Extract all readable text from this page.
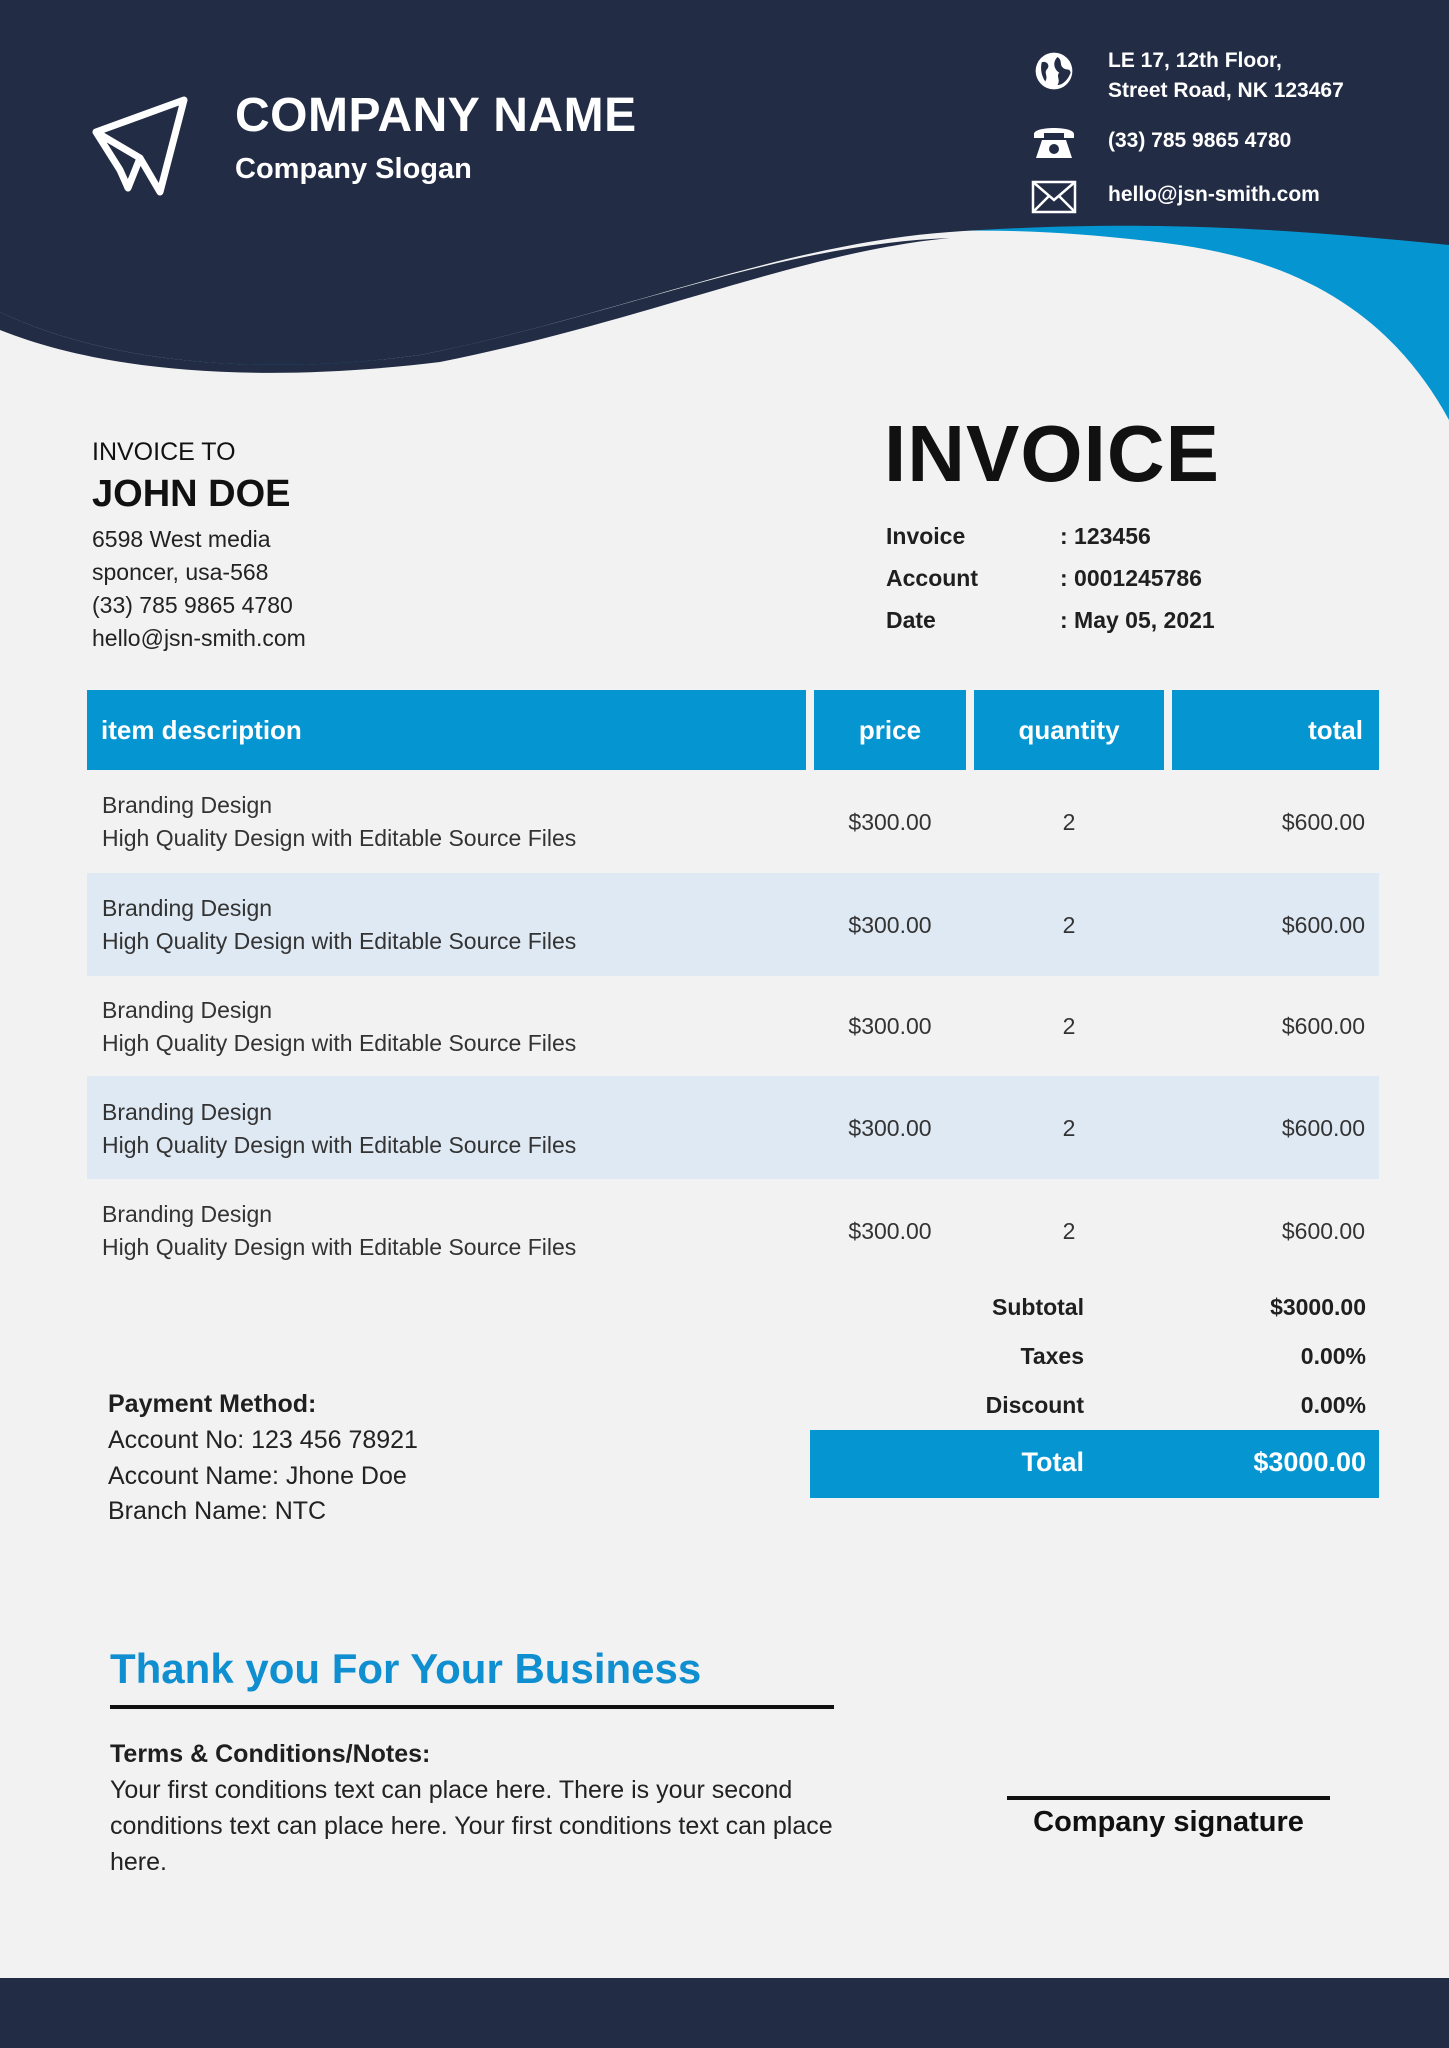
COMPANY NAME
Company Slogan
LE 17, 12th Floor,
Street Road, NK 123467
(33) 785 9865 4780
hello@jsn-smith.com
INVOICE TO
JOHN DOE
6598 West media
sponcer, usa-568
(33) 785 9865 4780
hello@jsn-smith.com
INVOICE
Invoice	: 123456
Account	: 0001245786
Date	: May 05, 2021
item description	price	quantity	total
Branding Design
High Quality Design with Editable Source Files
$300.00	2	$600.00
Branding Design
High Quality Design with Editable Source Files
$300.00	2	$600.00
Branding Design
High Quality Design with Editable Source Files
$300.00	2	$600.00
Branding Design
High Quality Design with Editable Source Files
$300.00	2	$600.00
Branding Design
High Quality Design with Editable Source Files
$300.00	2	$600.00
Subtotal	$3000.00
Taxes	0.00%
Discount	0.00%
Total	$3000.00
Payment Method:
Account No: 123 456 78921
Account Name: Jhone Doe
Branch Name: NTC
Thank you For Your Business
Terms & Conditions/Notes:
Your first conditions text can place here. There is your second conditions text can place here. Your first conditions text can place here.
Company signature
